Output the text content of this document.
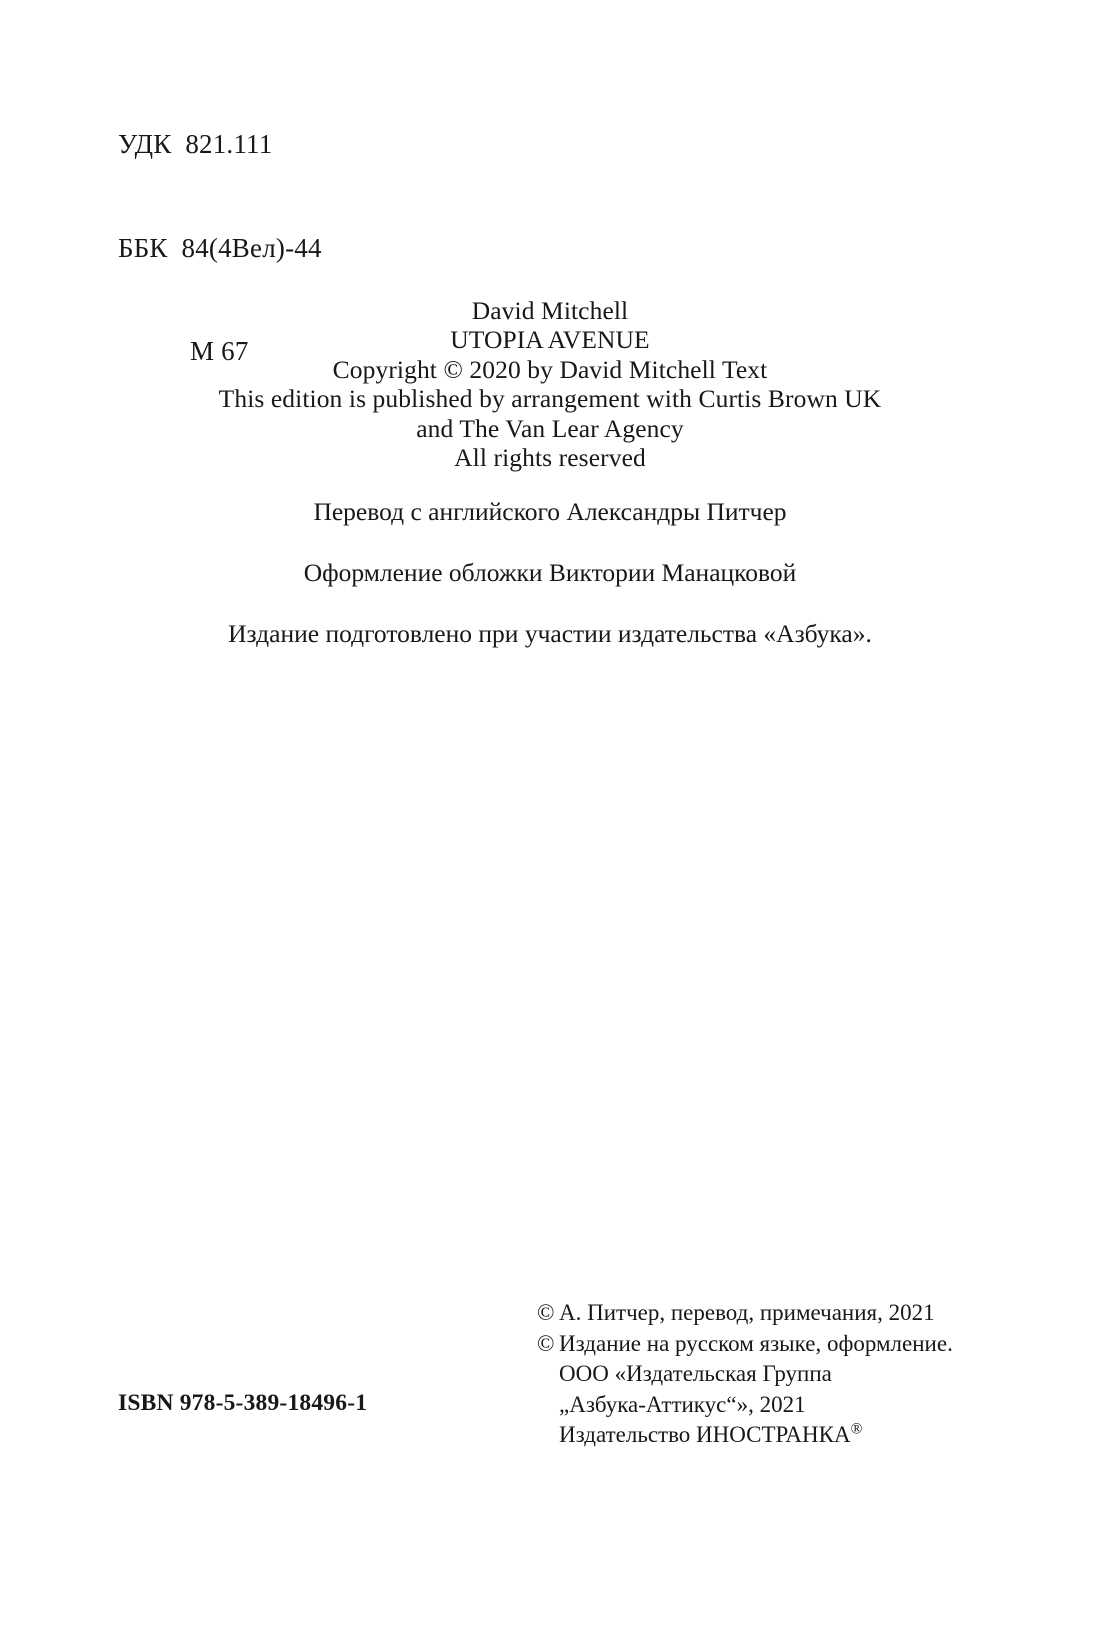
УДК  821.111

ББК  84(4Вел)-44

М 67

David Mitchell
UTOPIA AVENUE
Copyright © 2020 by David Mitchell Text
This edition is published by arrangement with Curtis Brown UK
and The Van Lear Agency
All rights reserved
Перевод с английского Александры Питчер
Оформление обложки Виктории Манацковой
Издание подготовлено при участии издательства «Азбука».
© А. Питчер, перевод, примечания, 2021
© Издание на русском языке, оформление.
ООО «Издательская Группа
„Азбука-Аттикус“», 2021
Издательство ИНОСТРАНКА®
ISBN 978-5-389-18496-1
